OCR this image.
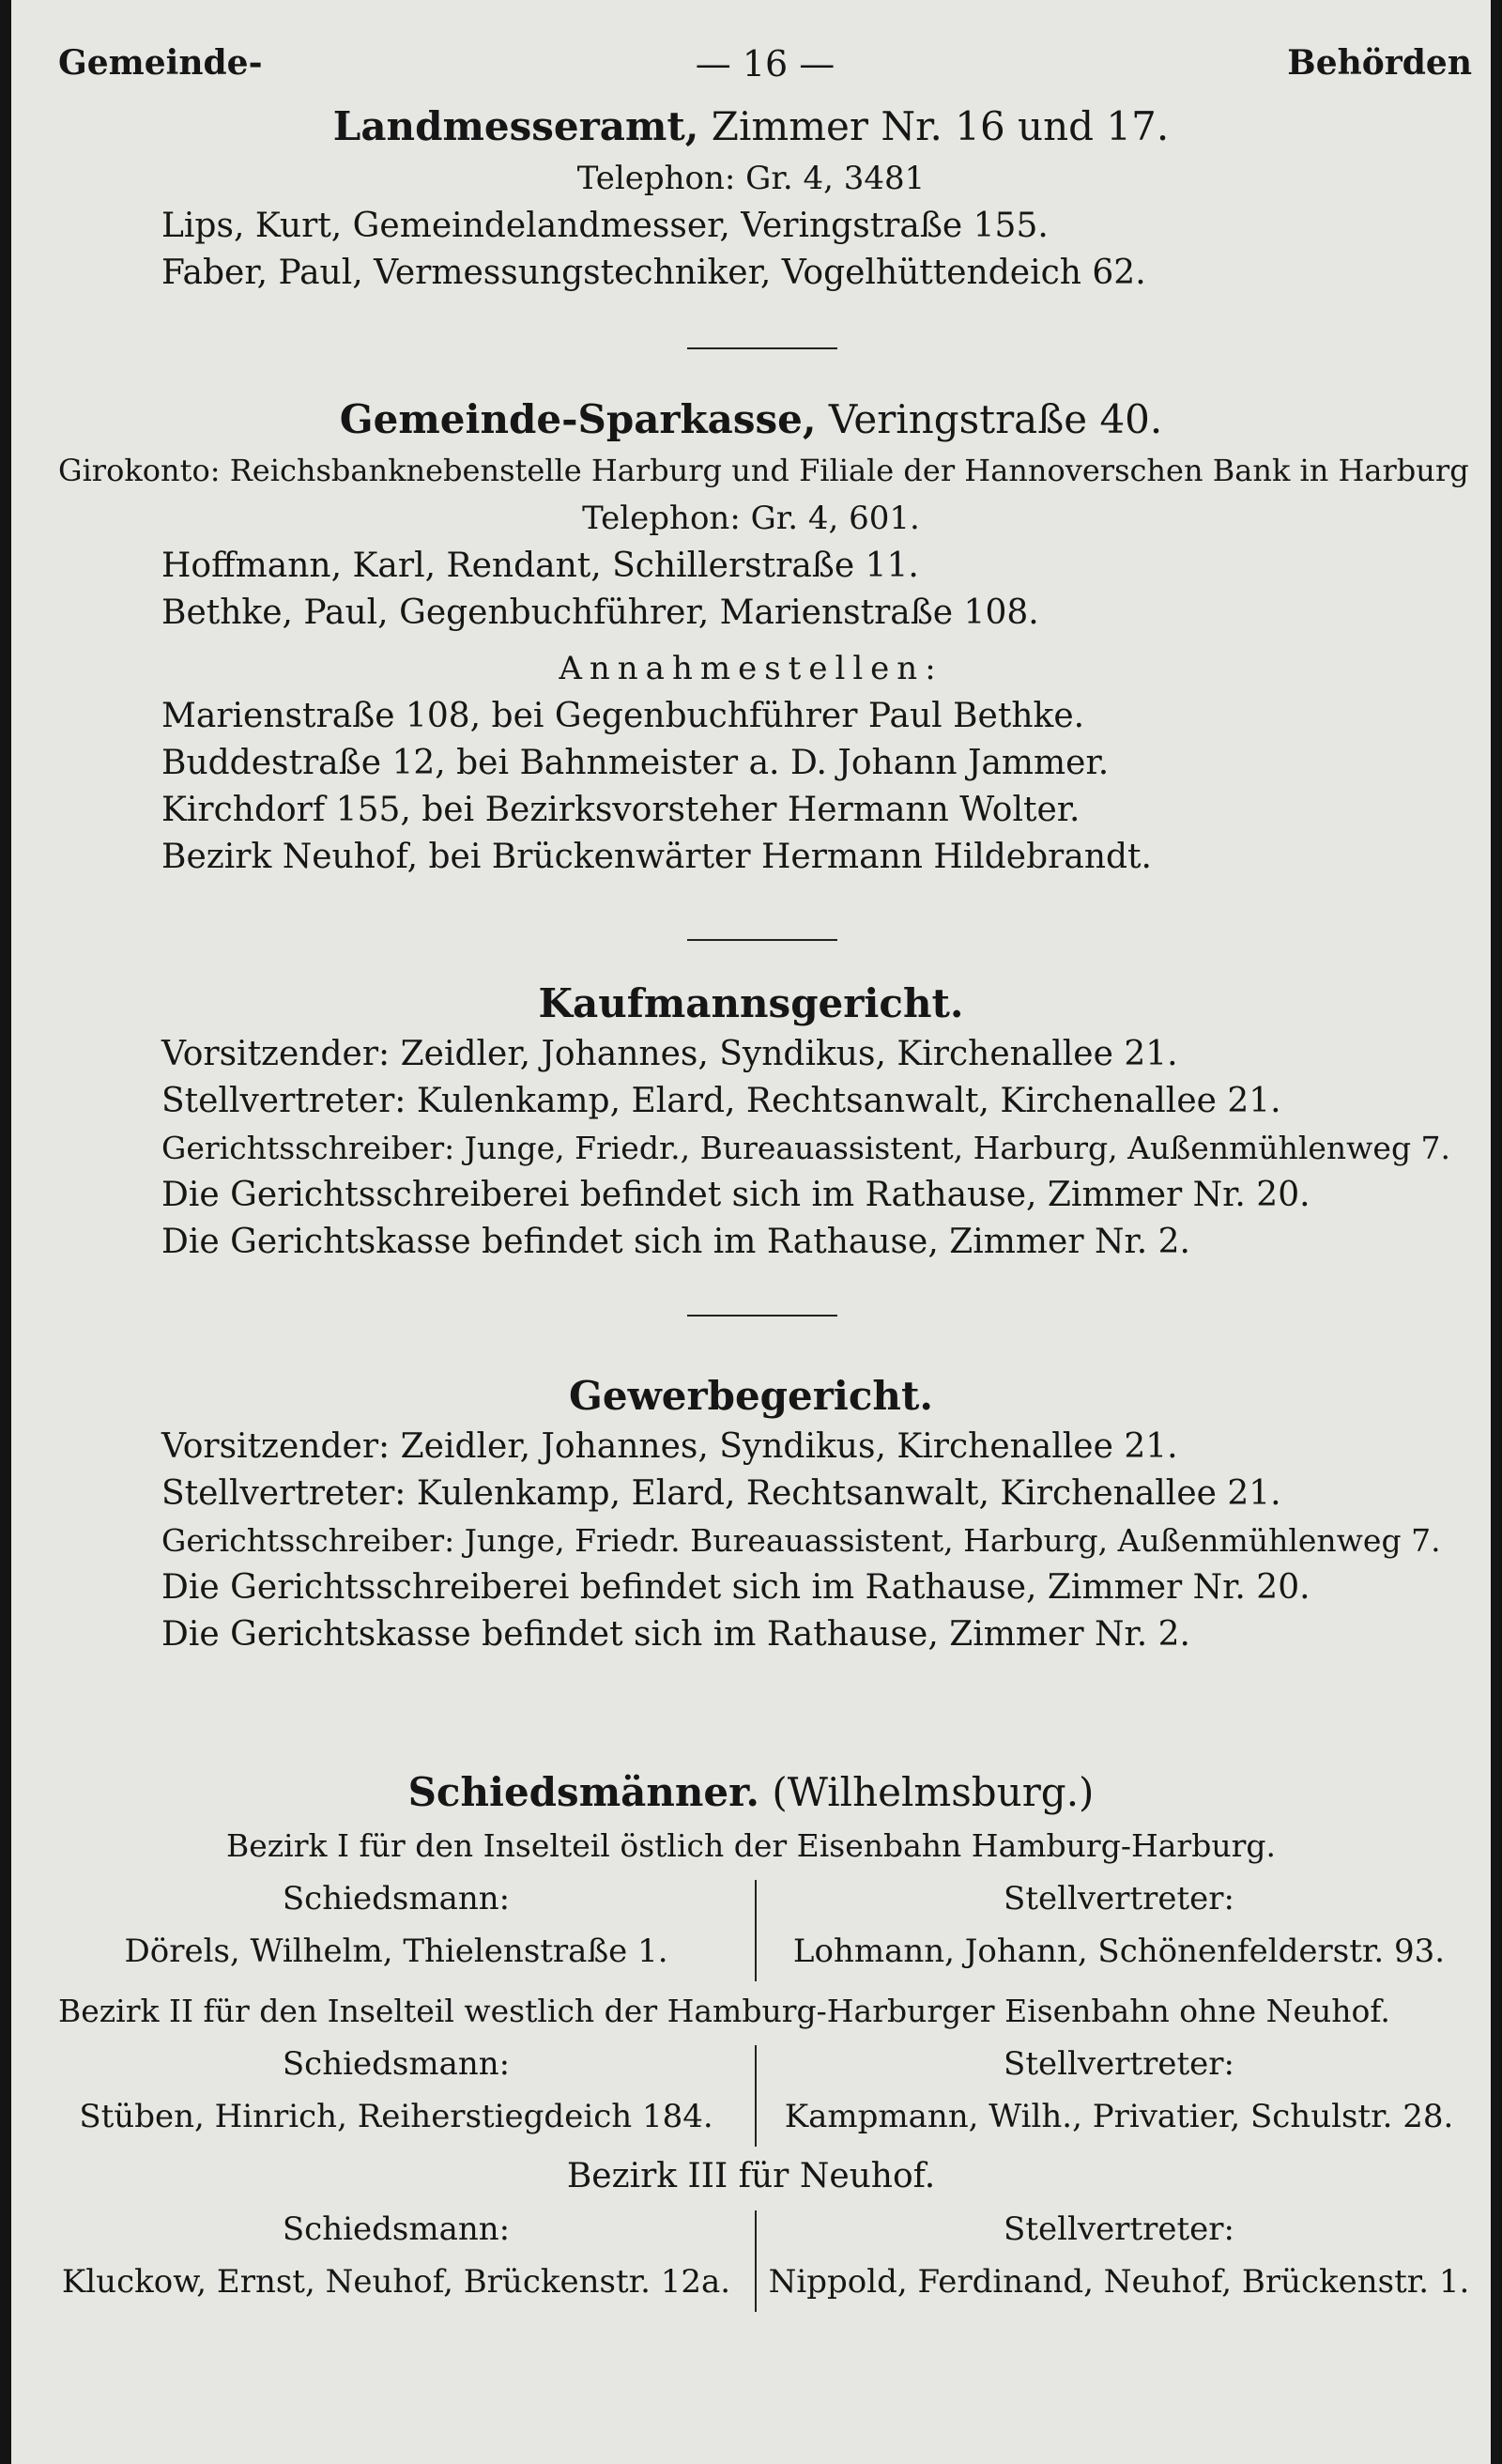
Gemeinde-	— 16 —	Behörden
Landmesseramt, Zimmer Nr. 16 und 17.
Telephon: Gr. 4, 3481
Lips, Kurt, Gemeindelandmesser, Veringstraße 155.
Faber, Paul, Vermessungstechniker, Vogelhüttendeich 62.
Gemeinde-Sparkasse, Veringstraße 40.
Girokonto: Reichsbanknebenstelle Harburg und Filiale der Hannoverschen Bank in Harburg
Telephon: Gr. 4, 601.
Hoffmann, Karl, Rendant, Schillerstraße 11.
Bethke, Paul, Gegenbuchführer, Marienstraße 108.
Annahmestellen:
Marienstraße 108, bei Gegenbuchführer Paul Bethke.
Buddestraße 12, bei Bahnmeister a. D. Johann Jammer.
Kirchdorf 155, bei Bezirksvorsteher Hermann Wolter.
Bezirk Neuhof, bei Brückenwärter Hermann Hildebrandt.
Kaufmannsgericht.
Vorsitzender: Zeidler, Johannes, Syndikus, Kirchenallee 21.
Stellvertreter: Kulenkamp, Elard, Rechtsanwalt, Kirchenallee 21.
Gerichtsschreiber: Junge, Friedr., Bureauassistent, Harburg, Außenmühlenweg 7.
Die Gerichtsschreiberei befindet sich im Rathause, Zimmer Nr. 20.
Die Gerichtskasse befindet sich im Rathause, Zimmer Nr. 2.
Gewerbegericht.
Vorsitzender: Zeidler, Johannes, Syndikus, Kirchenallee 21.
Stellvertreter: Kulenkamp, Elard, Rechtsanwalt, Kirchenallee 21.
Gerichtsschreiber: Junge, Friedr. Bureauassistent, Harburg, Außenmühlenweg 7.
Die Gerichtsschreiberei befindet sich im Rathause, Zimmer Nr. 20.
Die Gerichtskasse befindet sich im Rathause, Zimmer Nr. 2.
Schiedsmänner. (Wilhelmsburg.)
Bezirk I für den Inselteil östlich der Eisenbahn Hamburg-Harburg.
Schiedsmann:
Dörels, Wilhelm, Thielenstraße 1.
Stellvertreter:
Lohmann, Johann, Schönenfelderstr. 93.
Bezirk II für den Inselteil westlich der Hamburg-Harburger Eisenbahn ohne Neuhof.
Schiedsmann:
Stüben, Hinrich, Reiherstiegdeich 184.
Stellvertreter:
Kampmann, Wilh., Privatier, Schulstr. 28.
Bezirk III für Neuhof.
Schiedsmann:
Kluckow, Ernst, Neuhof, Brückenstr. 12a.
Stellvertreter:
Nippold, Ferdinand, Neuhof, Brückenstr. 1.
